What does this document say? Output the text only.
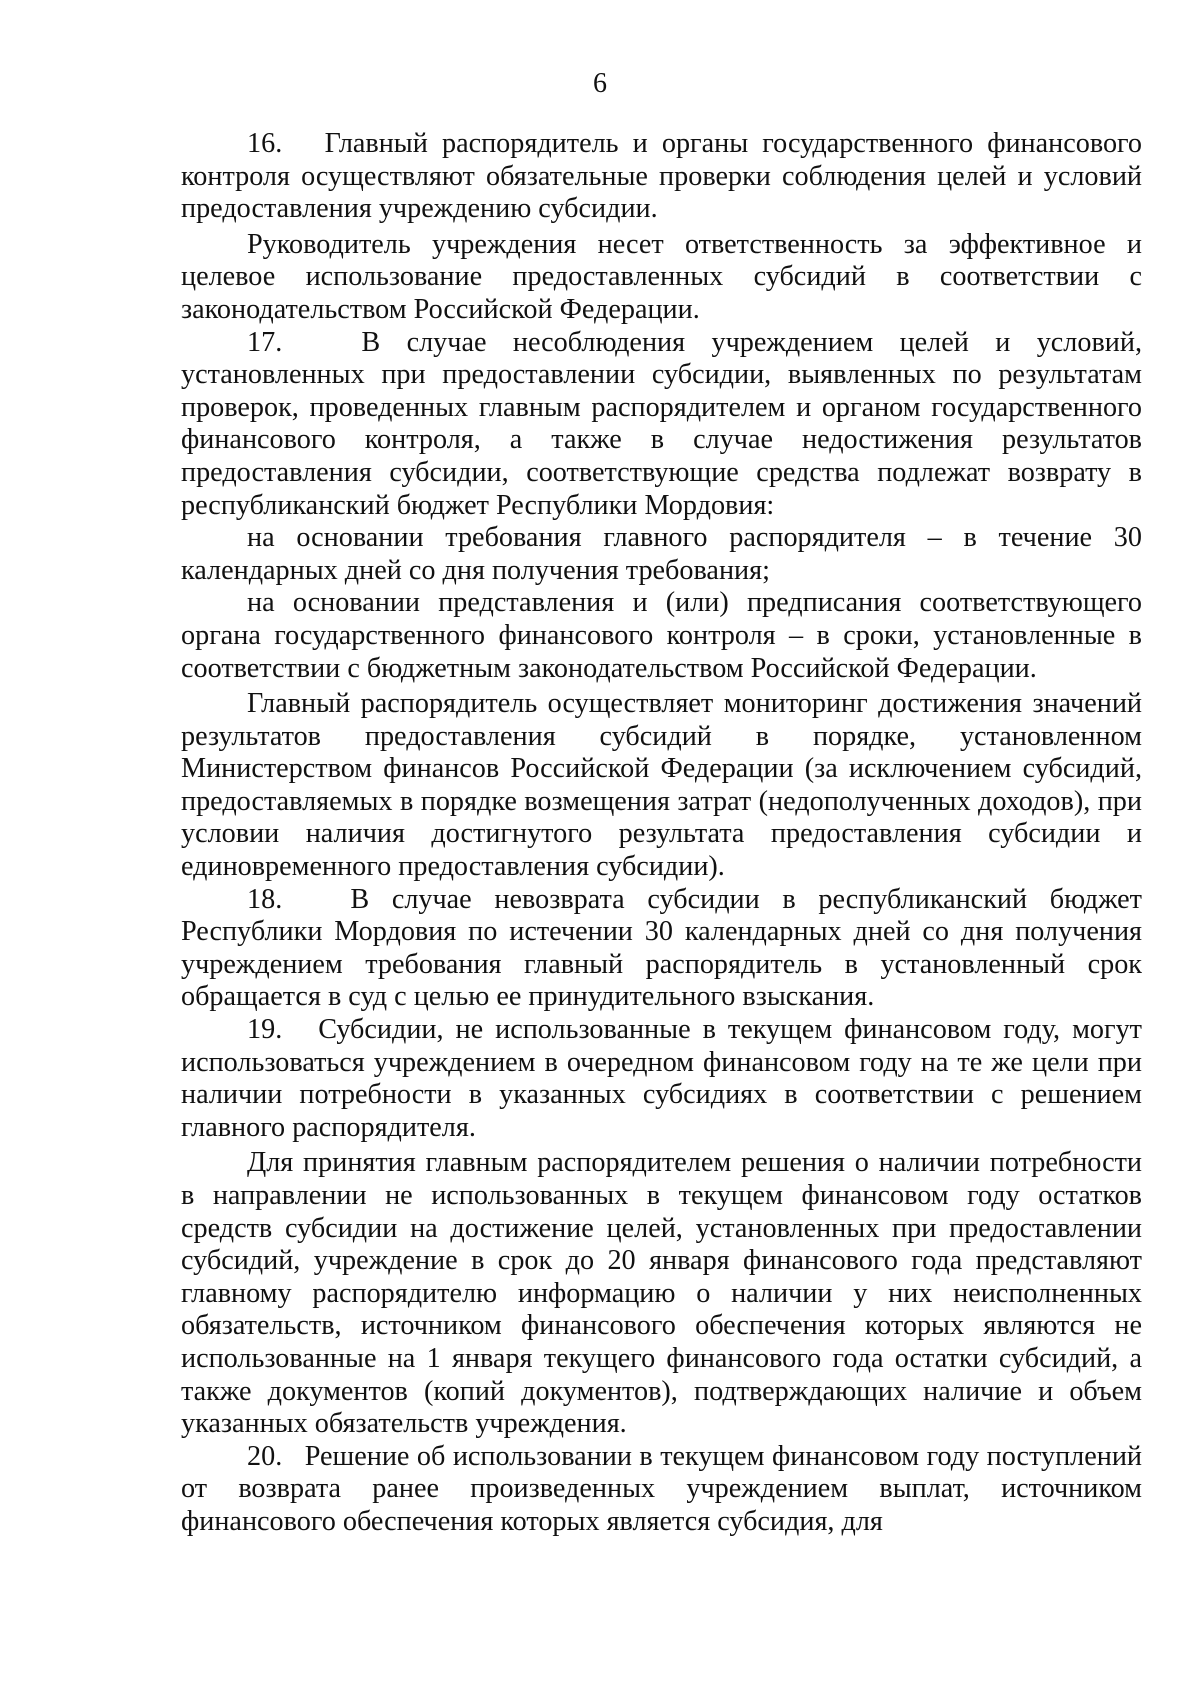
6

16.   Главный распорядитель и органы государственного финансового контроля осуществляют обязательные проверки соблюдения целей и условий предоставления учреждению субсидии.

Руководитель учреждения несет ответственность за эффективное и целевое использование предоставленных субсидий в соответствии с законодательством Российской Федерации.

17.   В случае несоблюдения учреждением целей и условий, установленных при предоставлении субсидии, выявленных по результатам проверок, проведенных главным распорядителем и органом государственного финансового контроля, а также в случае недостижения результатов предоставления субсидии, соответствующие средства подлежат возврату в республиканский бюджет Республики Мордовия:

на основании требования главного распорядителя – в течение 30 календарных дней со дня получения требования;

на основании представления и (или) предписания соответствующего органа государственного финансового контроля – в сроки, установленные в соответствии с бюджетным законодательством Российской Федерации.

Главный распорядитель осуществляет мониторинг достижения значений результатов предоставления субсидий в порядке, установленном Министерством финансов Российской Федерации (за исключением субсидий, предоставляемых в порядке возмещения затрат (недополученных доходов), при условии наличия достигнутого результата предоставления субсидии и единовременного предоставления субсидии).

18.   В случае невозврата субсидии в республиканский бюджет Республики Мордовия по истечении 30 календарных дней со дня получения учреждением требования главный распорядитель в установленный срок обращается в суд с целью ее принудительного взыскания.

19.   Субсидии, не использованные в текущем финансовом году, могут использоваться учреждением в очередном финансовом году на те же цели при наличии потребности в указанных субсидиях в соответствии с решением главного распорядителя.

Для принятия главным распорядителем решения о наличии потребности в направлении не использованных в текущем финансовом году остатков средств субсидии на достижение целей, установленных при предоставлении субсидий, учреждение в срок до 20 января финансового года представляют главному распорядителю информацию о наличии у них неисполненных обязательств, источником финансового обеспечения которых являются не использованные на 1 января текущего финансового года остатки субсидий, а также документов (копий документов), подтверждающих наличие и объем указанных обязательств учреждения.

20.   Решение об использовании в текущем финансовом году поступлений от возврата ранее произведенных учреждением выплат, источником финансового обеспечения которых является субсидия, для
